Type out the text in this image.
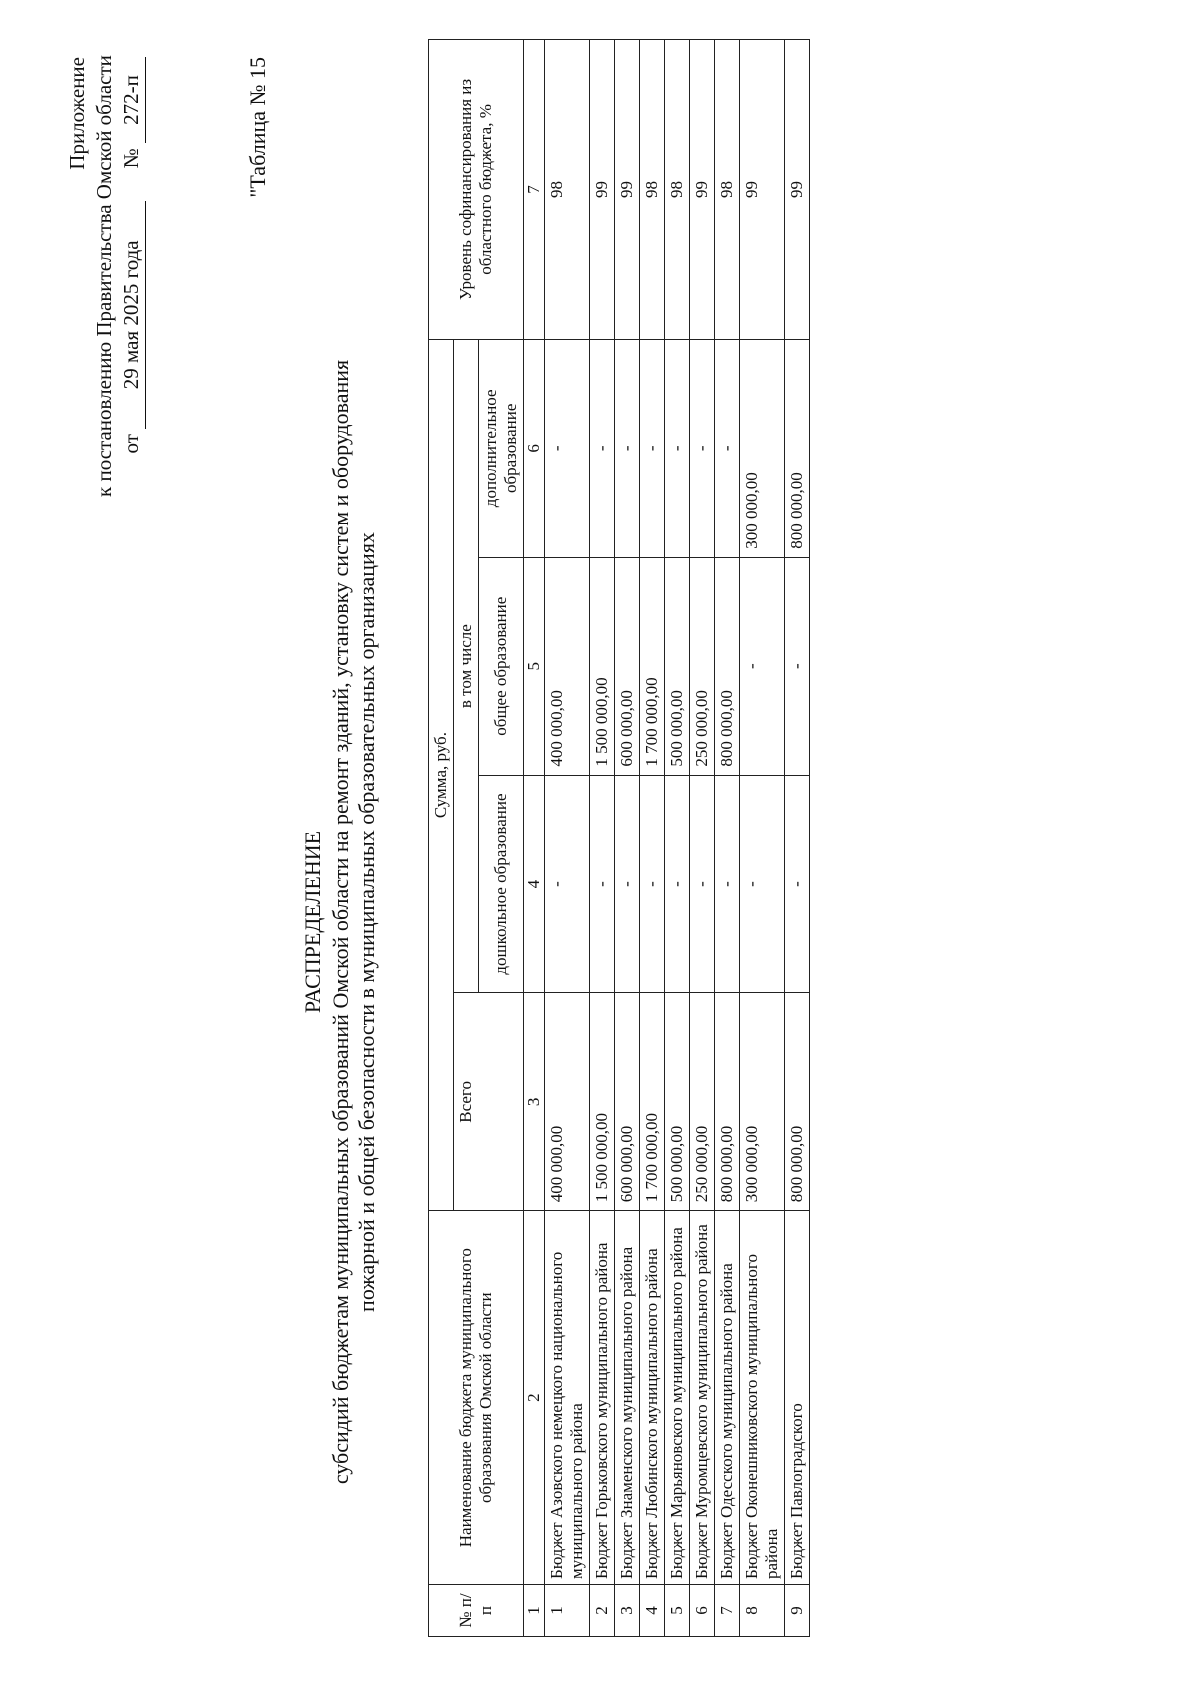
Приложение к постановлению Правительства Омской области от 29 мая 2025 года  № 272-п	"Таблица № 15
РАСПРЕДЕЛЕНИЕ субсидий бюджетам муниципальных образований Омской области на ремонт зданий, установку систем и оборудования пожарной и общей безопасности в муниципальных образовательных организациях
№ п/п	Наименование бюджета муниципального образования Омской области	Сумма, руб.				Уровень софинансирования из областного бюджета, %
		Всего	в том числе			
			дошкольное образование	общее образование	дополнительное образование	
1	2	3	4	5	6	7
1	Бюджет Азовского немецкого национального муниципального района	400 000,00	-	400 000,00	-	98
2	Бюджет Горьковского муниципального района	1 500 000,00	-	1 500 000,00	-	99
3	Бюджет Знаменского муниципального района	600 000,00	-	600 000,00	-	99
4	Бюджет Любинского муниципального района	1 700 000,00	-	1 700 000,00	-	98
5	Бюджет Марьяновского муниципального района	500 000,00	-	500 000,00	-	98
6	Бюджет Муромцевского муниципального района	250 000,00	-	250 000,00	-	99
7	Бюджет Одесского муниципального района	800 000,00	-	800 000,00	-	98
8	Бюджет Оконешниковского муниципального района	300 000,00	-	-	300 000,00	99
9	Бюджет Павлоградского	800 000,00	-	-	800 000,00	99
